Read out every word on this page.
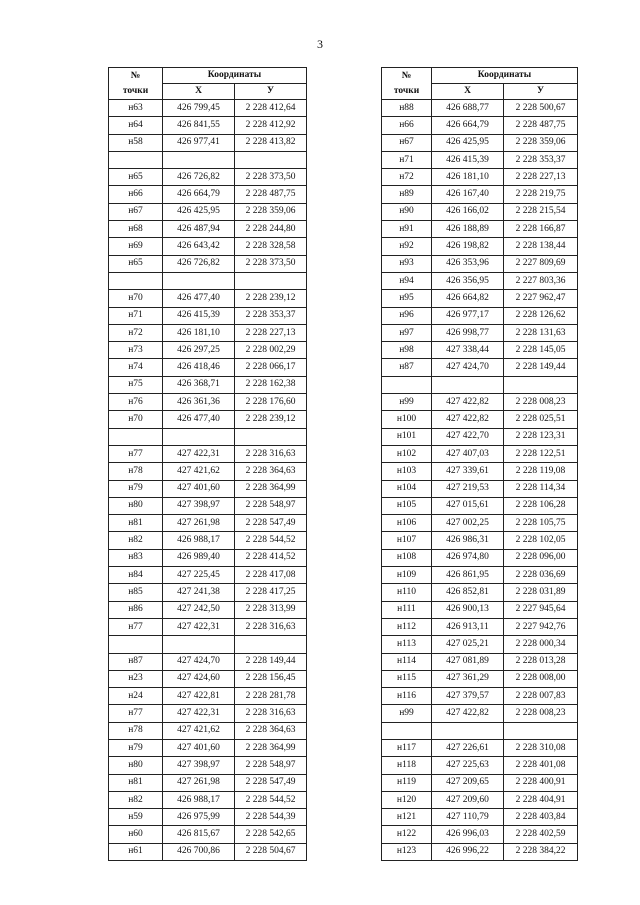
3
№
точки	Координаты	
	Х	У
н63	426 799,45	2 228 412,64
н64	426 841,55	2 228 412,92
н58	426 977,41	2 228 413,82

н65	426 726,82	2 228 373,50
н66	426 664,79	2 228 487,75
н67	426 425,95	2 228 359,06
н68	426 487,94	2 228 244,80
н69	426 643,42	2 228 328,58
н65	426 726,82	2 228 373,50

н70	426 477,40	2 228 239,12
н71	426 415,39	2 228 353,37
н72	426 181,10	2 228 227,13
н73	426 297,25	2 228 002,29
н74	426 418,46	2 228 066,17
н75	426 368,71	2 228 162,38
н76	426 361,36	2 228 176,60
н70	426 477,40	2 228 239,12

н77	427 422,31	2 228 316,63
н78	427 421,62	2 228 364,63
н79	427 401,60	2 228 364,99
н80	427 398,97	2 228 548,97
н81	427 261,98	2 228 547,49
н82	426 988,17	2 228 544,52
н83	426 989,40	2 228 414,52
н84	427 225,45	2 228 417,08
н85	427 241,38	2 228 417,25
н86	427 242,50	2 228 313,99
н77	427 422,31	2 228 316,63

н87	427 424,70	2 228 149,44
н23	427 424,60	2 228 156,45
н24	427 422,81	2 228 281,78
н77	427 422,31	2 228 316,63
н78	427 421,62	2 228 364,63
н79	427 401,60	2 228 364,99
н80	427 398,97	2 228 548,97
н81	427 261,98	2 228 547,49
н82	426 988,17	2 228 544,52
н59	426 975,99	2 228 544,39
н60	426 815,67	2 228 542,65
н61	426 700,86	2 228 504,67
№
точки	Координаты	
	Х	У
н88	426 688,77	2 228 500,67
н66	426 664,79	2 228 487,75
н67	426 425,95	2 228 359,06
н71	426 415,39	2 228 353,37
н72	426 181,10	2 228 227,13
н89	426 167,40	2 228 219,75
н90	426 166,02	2 228 215,54
н91	426 188,89	2 228 166,87
н92	426 198,82	2 228 138,44
н93	426 353,96	2 227 809,69
н94	426 356,95	2 227 803,36
н95	426 664,82	2 227 962,47
н96	426 977,17	2 228 126,62
н97	426 998,77	2 228 131,63
н98	427 338,44	2 228 145,05
н87	427 424,70	2 228 149,44

н99	427 422,82	2 228 008,23
н100	427 422,82	2 228 025,51
н101	427 422,70	2 228 123,31
н102	427 407,03	2 228 122,51
н103	427 339,61	2 228 119,08
н104	427 219,53	2 228 114,34
н105	427 015,61	2 228 106,28
н106	427 002,25	2 228 105,75
н107	426 986,31	2 228 102,05
н108	426 974,80	2 228 096,00
н109	426 861,95	2 228 036,69
н110	426 852,81	2 228 031,89
н111	426 900,13	2 227 945,64
н112	426 913,11	2 227 942,76
н113	427 025,21	2 228 000,34
н114	427 081,89	2 228 013,28
н115	427 361,29	2 228 008,00
н116	427 379,57	2 228 007,83
н99	427 422,82	2 228 008,23

н117	427 226,61	2 228 310,08
н118	427 225,63	2 228 401,08
н119	427 209,65	2 228 400,91
н120	427 209,60	2 228 404,91
н121	427 110,79	2 228 403,84
н122	426 996,03	2 228 402,59
н123	426 996,22	2 228 384,22
